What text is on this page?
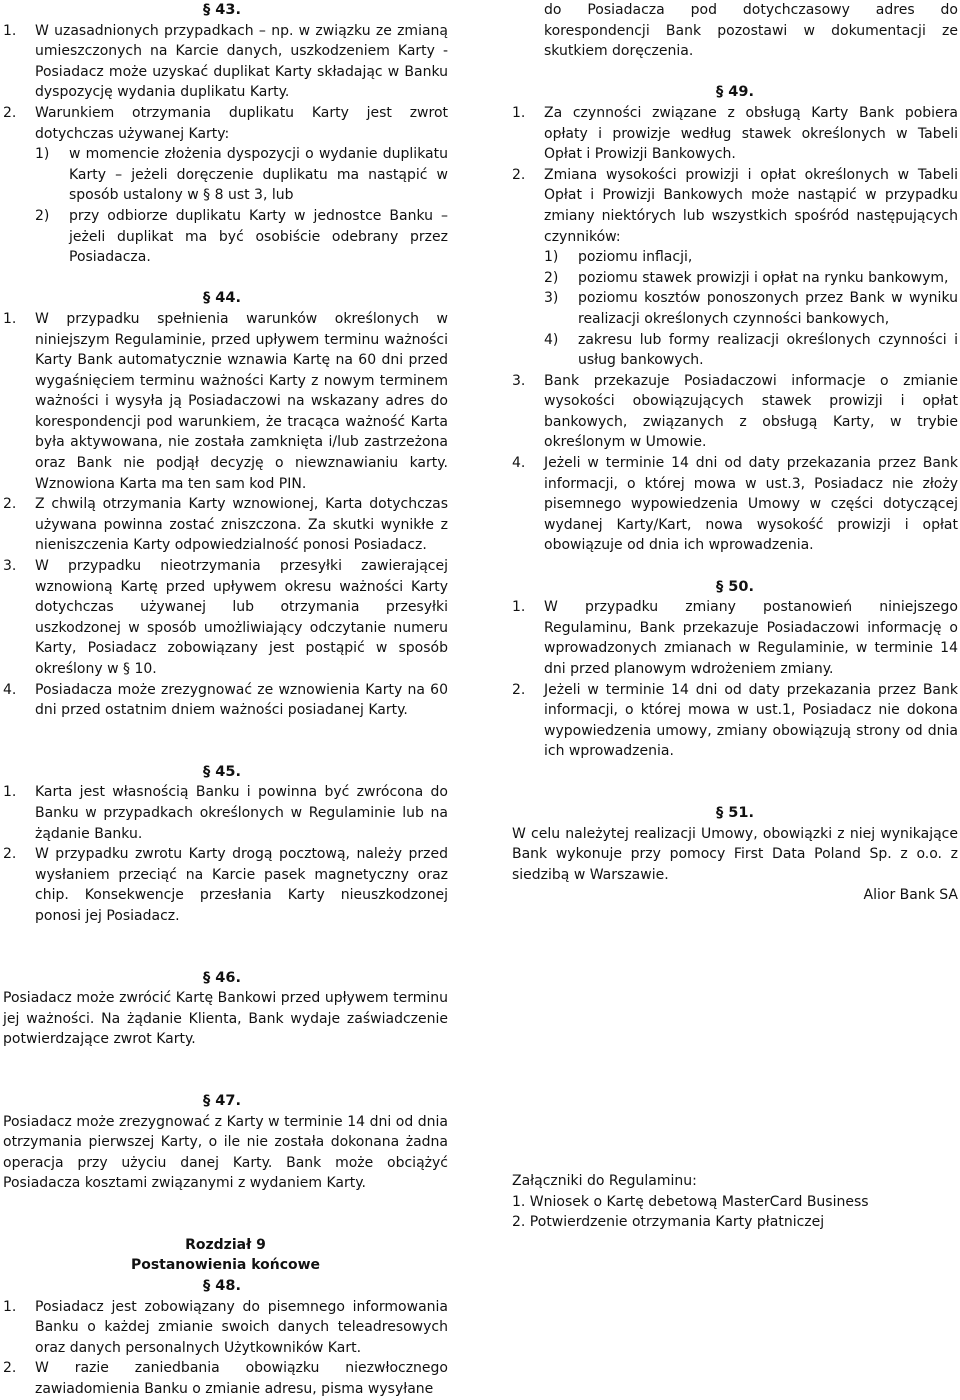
§ 43.
1.	W uzasadnionych przypadkach – np. w związku ze zmianą umieszczonych na Karcie danych, uszkodzeniem Karty - Posiadacz może uzyskać duplikat Karty składając w Banku dyspozycję wydania duplikatu Karty.
2.	Warunkiem otrzymania duplikatu Karty jest zwrot dotychczas używanej Karty:
1)	w momencie złożenia dyspozycji o wydanie duplikatu Karty – jeżeli doręczenie duplikatu ma nastąpić w sposób ustalony w § 8 ust 3, lub
2)	przy odbiorze duplikatu Karty w jednostce Banku – jeżeli duplikat ma być osobiście odebrany przez Posiadacza.
§ 44.
1.	W przypadku spełnienia warunków określonych w niniejszym Regulaminie, przed upływem terminu ważności Karty Bank automatycznie wznawia Kartę na 60 dni przed wygaśnięciem terminu ważności Karty z nowym terminem ważności i wysyła ją Posiadaczowi na wskazany adres do korespondencji pod warunkiem, że tracąca ważność Karta była aktywowana, nie została zamknięta i/lub zastrzeżona oraz Bank nie podjął decyzję o niewznawianiu karty. Wznowiona Karta ma ten sam kod PIN.
2.	Z chwilą otrzymania Karty wznowionej, Karta dotychczas używana powinna zostać zniszczona. Za skutki wynikłe z nieniszczenia Karty odpowiedzialność ponosi Posiadacz.
3.	W przypadku nieotrzymania przesyłki zawierającej wznowioną Kartę przed upływem okresu ważności Karty dotychczas używanej lub otrzymania przesyłki uszkodzonej w sposób umożliwiający odczytanie numeru Karty, Posiadacz zobowiązany jest postąpić w sposób określony w § 10.
4.	Posiadacza może zrezygnować ze wznowienia Karty na 60 dni przed ostatnim dniem ważności posiadanej Karty.
§ 45.
1.	Karta jest własnością Banku i powinna być zwrócona do Banku w przypadkach określonych w Regulaminie lub na żądanie Banku.
2.	W przypadku zwrotu Karty drogą pocztową, należy przed wysłaniem przeciąć na Karcie pasek magnetyczny oraz chip. Konsekwencje przesłania Karty nieuszkodzonej ponosi jej Posiadacz.
§ 46.
Posiadacz może zwrócić Kartę Bankowi przed upływem terminu jej ważności. Na żądanie Klienta, Bank wydaje zaświadczenie potwierdzające zwrot Karty.
§ 47.
Posiadacz może zrezygnować z Karty w terminie 14 dni od dnia otrzymania pierwszej Karty, o ile nie została dokonana żadna operacja przy użyciu danej Karty. Bank może obciążyć Posiadacza kosztami związanymi z wydaniem Karty.
Rozdział 9
Postanowienia końcowe
§ 48.
1.	Posiadacz jest zobowiązany do pisemnego informowania Banku o każdej zmianie swoich danych teleadresowych oraz danych personalnych Użytkowników Kart.
2.	W razie zaniedbania obowiązku niezwłocznego zawiadomienia Banku o zmianie adresu, pisma wysyłane
do Posiadacza pod dotychczasowy adres do korespondencji Bank pozostawi w dokumentacji ze skutkiem doręczenia.
§ 49.
1.	Za czynności związane z obsługą Karty Bank pobiera opłaty i prowizje według stawek określonych w Tabeli Opłat i Prowizji Bankowych.
2.	Zmiana wysokości prowizji i opłat określonych w Tabeli Opłat i Prowizji Bankowych może nastąpić w przypadku zmiany niektórych lub wszystkich spośród następujących czynników:
1)	poziomu inflacji,
2)	poziomu stawek prowizji i opłat na rynku bankowym,
3)	poziomu kosztów ponoszonych przez Bank w wyniku realizacji określonych czynności bankowych,
4)	zakresu lub formy realizacji określonych czynności i usług bankowych.
3.	Bank przekazuje Posiadaczowi informacje o zmianie wysokości obowiązujących stawek prowizji i opłat bankowych, związanych z obsługą Karty, w trybie określonym w Umowie.
4.	Jeżeli w terminie 14 dni od daty przekazania przez Bank informacji, o której mowa w ust.3, Posiadacz nie złoży pisemnego wypowiedzenia Umowy w części dotyczącej wydanej Karty/Kart, nowa wysokość prowizji i opłat obowiązuje od dnia ich wprowadzenia.
§ 50.
1.	W przypadku zmiany postanowień niniejszego Regulaminu, Bank przekazuje Posiadaczowi informację o wprowadzonych zmianach w Regulaminie, w terminie 14 dni przed planowym wdrożeniem zmiany.
2.	Jeżeli w terminie 14 dni od daty przekazania przez Bank informacji, o której mowa w ust.1, Posiadacz nie dokona wypowiedzenia umowy, zmiany obowiązują strony od dnia ich wprowadzenia.
§ 51.
W celu należytej realizacji Umowy, obowiązki z niej wynikające Bank wykonuje przy pomocy First Data Poland Sp. z o.o. z siedzibą w Warszawie.
Alior Bank SA
Załączniki do Regulaminu:
1. Wniosek o Kartę debetową MasterCard Business
2. Potwierdzenie otrzymania Karty płatniczej
